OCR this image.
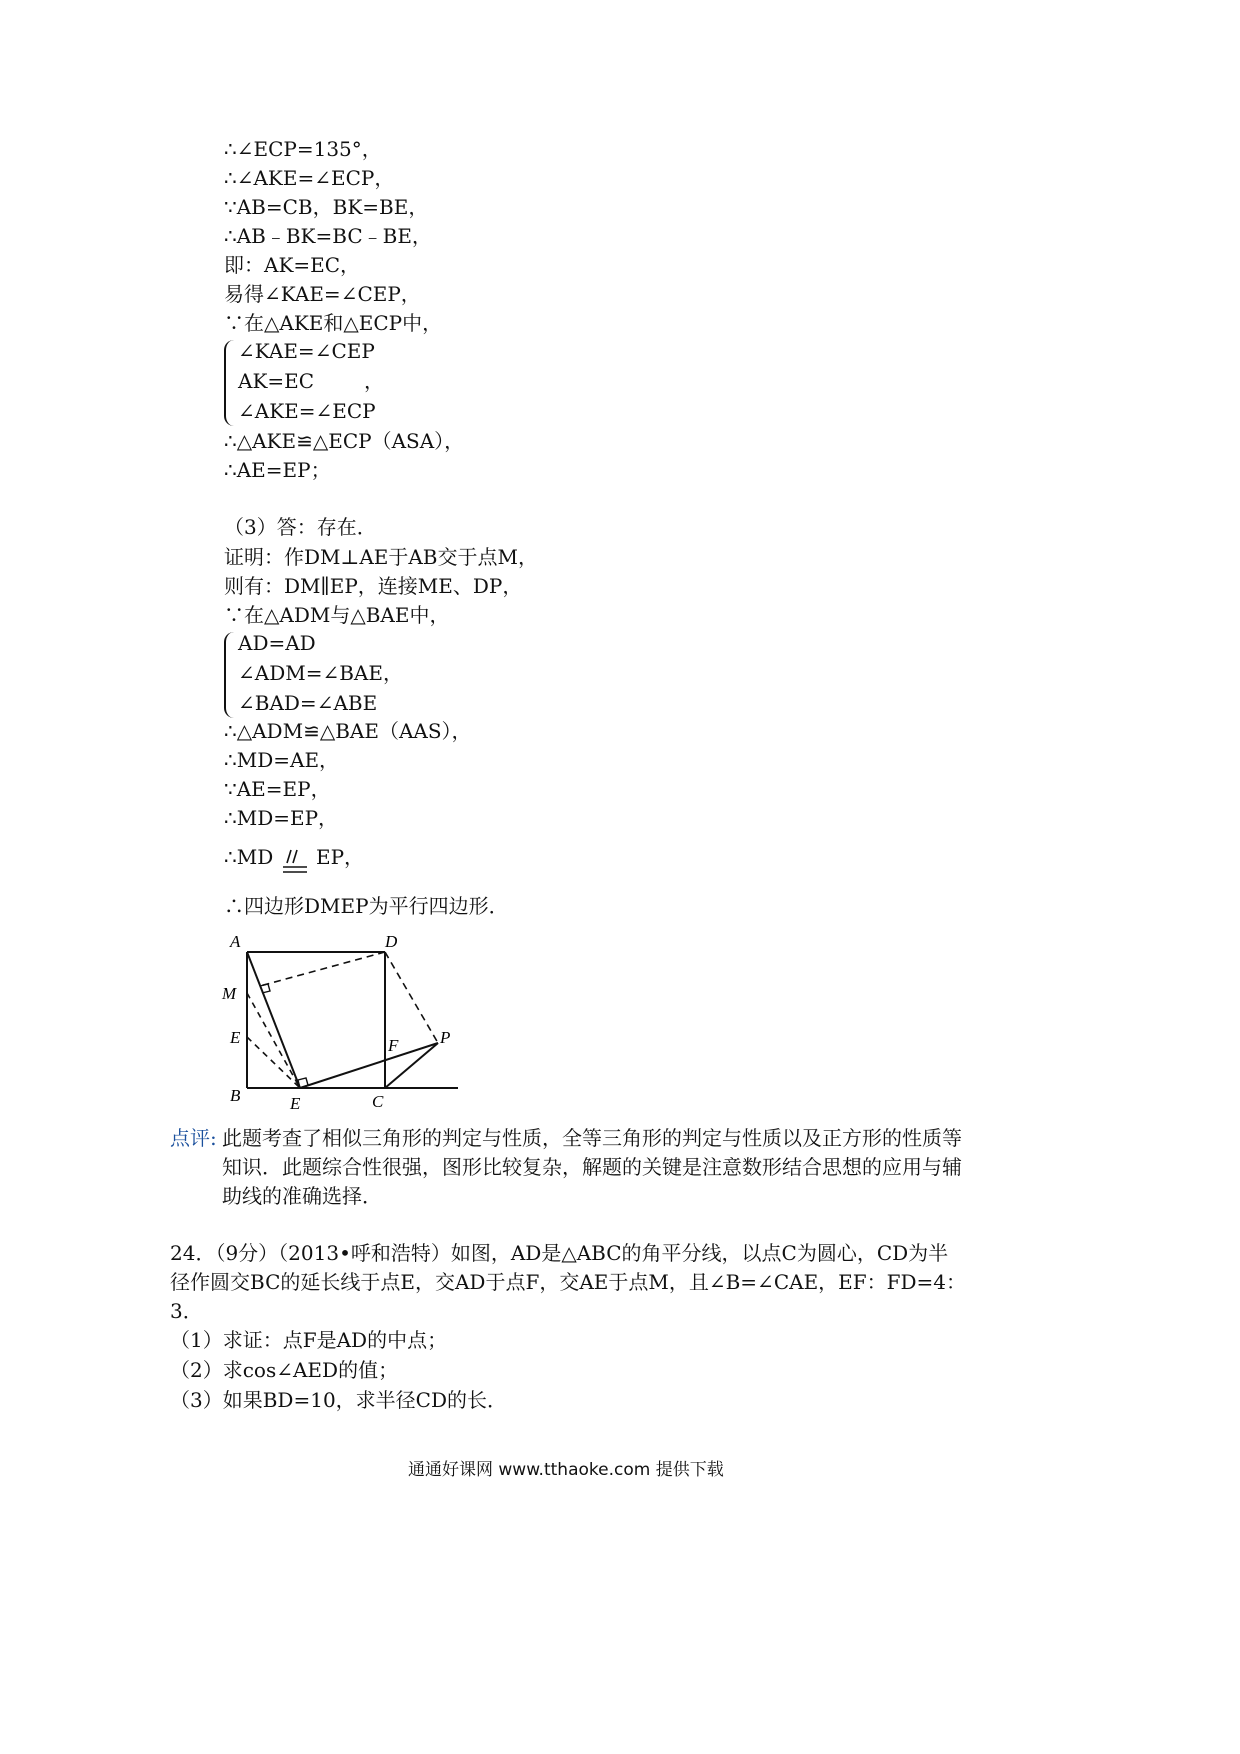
∴∠ECP=135°，
∴∠AKE=∠ECP，
∵AB=CB，BK=BE，
∴AB﹣BK=BC﹣BE，
即：AK=EC，
易得∠KAE=∠CEP，
∵在△AKE和△ECP中，
∠KAE=∠CEP
AK=EC
∠AKE=∠ECP
，
∴△AKE≌△ECP（ASA），
∴AE=EP；
（3）答：存在．
证明：作DM⊥AE于AB交于点M，
则有：DM∥EP，连接ME、DP，
∵在△ADM与△BAE中，
AD=AD
∠ADM=∠BAE，
∠BAD=∠ABE
∴△ADM≌△BAE（AAS），
∴MD=AE，
∵AE=EP，
∴MD=EP，
∴MD EP，
∴四边形DMEP为平行四边形．
A	D
M
E	F P
B	E	C
点评: 此题考查了相似三角形的判定与性质，全等三角形的判定与性质以及正方形的性质等
知识．此题综合性很强，图形比较复杂，解题的关键是注意数形结合思想的应用与辅
助线的准确选择．
24．（9分）（2013•呼和浩特）如图，AD是△ABC的角平分线，以点C为圆心，CD为半
径作圆交BC的延长线于点E，交AD于点F，交AE于点M，且∠B=∠CAE，EF：FD=4：
3．
（1）求证：点F是AD的中点；
（2）求cos∠AED的值；
（3）如果BD=10，求半径CD的长．
通通好课网 www.tthaoke.com 提供下载
